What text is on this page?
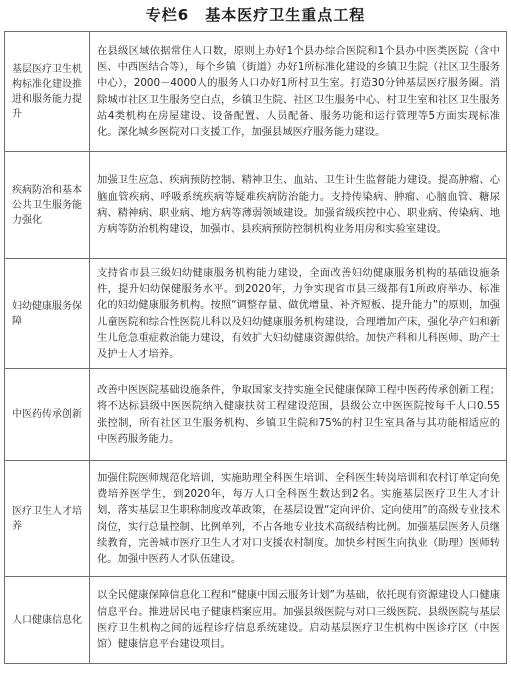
专栏6　基本医疗卫生重点工程
基层医疗卫生机构标准化建设推进和服务能力提升	在县级区域依据常住人口数，原则上办好1个县办综合医院和1个县办中医类医院（含中医、中西医结合等），每个乡镇（街道）办好1所标准化建设的乡镇卫生院（社区卫生服务中心），2000－4000人的服务人口办好1所村卫生室。打造30分钟基层医疗服务圈。消除城市社区卫生服务空白点，乡镇卫生院、社区卫生服务中心、村卫生室和社区卫生服务站4类机构在房屋建设、设备配置、人员配备、服务功能和运行管理等5方面实现标准化。深化城乡医院对口支援工作，加强县域医疗服务能力建设。
疾病防治和基本公共卫生服务能力强化	加强卫生应急、疾病预防控制、精神卫生、血站、卫生计生监督能力建设。提高肿瘤、心脑血管疾病、呼吸系统疾病等疑难疾病防治能力。支持传染病、肿瘤、心脑血管、糖尿病、精神病、职业病、地方病等薄弱领域建设。加强省级疾控中心、职业病、传染病、地方病等防治机构建设，加强市、县疾病预防控制机构业务用房和实验室建设。
妇幼健康服务保障	支持省市县三级妇幼健康服务机构能力建设，全面改善妇幼健康服务机构的基础设施条件，提升妇幼保健服务水平。到2020年，力争实现省市县三级都有1所政府举办、标准化的妇幼健康服务机构。按照“调整存量、做优增量、补齐短板、提升能力”的原则，加强儿童医院和综合性医院儿科以及妇幼健康服务机构建设，合理增加产床，强化孕产妇和新生儿危急重症救治能力建设，有效扩大妇幼健康资源供给。加快产科和儿科医师、助产士及护士人才培养。
中医药传承创新	改善中医医院基础设施条件，争取国家支持实施全民健康保障工程中医药传承创新工程；将不达标县级中医医院纳入健康扶贫工程建设范围，县级公立中医医院按每千人口0.55张控制，所有社区卫生服务机构、乡镇卫生院和75%的村卫生室具备与其功能相适应的中医药服务能力。
医疗卫生人才培养	加强住院医师规范化培训，实施助理全科医生培训、全科医生转岗培训和农村订单定向免费培养医学生，到2020年，每万人口全科医生数达到2名。实施基层医疗卫生人才计划，落实基层卫生职称制度改革政策，在基层设置“定向评价、定向使用”的高级专业技术岗位，实行总量控制、比例单列，不占各地专业技术高级结构比例。加强基层医务人员继续教育，完善城市医疗卫生人才对口支援农村制度。加快乡村医生向执业（助理）医师转化。加强中医药人才队伍建设。
人口健康信息化	以全民健康保障信息化工程和“健康中国云服务计划”为基础，依托现有资源建设人口健康信息平台。推进居民电子健康档案应用。加强县级医院与对口三级医院、县级医院与基层医疗卫生机构之间的远程诊疗信息系统建设。启动基层医疗卫生机构中医诊疗区（中医馆）健康信息平台建设项目。
